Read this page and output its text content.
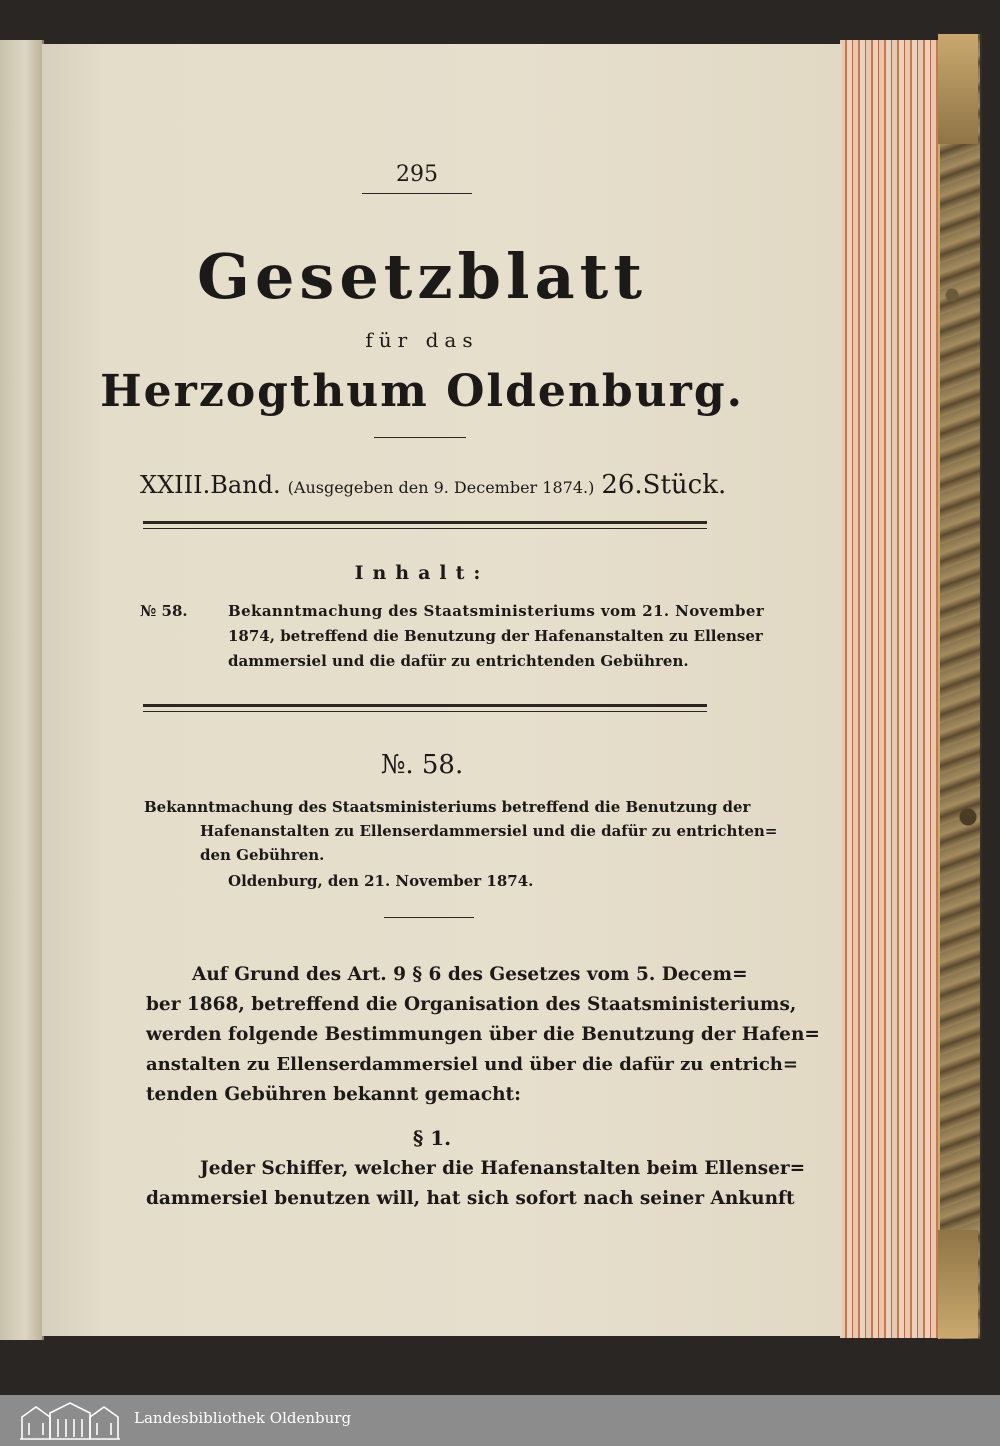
295
Gesetzblatt
für das
Herzogthum Oldenburg.
XXIII.Band. (Ausgegeben den 9. December 1874.) 26.Stück.
Inhalt:
№ 58.	Bekanntmachung des Staatsministeriums vom 21. November
1874, betreffend die Benutzung der Hafenanstalten zu Ellenser
dammersiel und die dafür zu entrichtenden Gebühren.
№. 58.
Bekanntmachung des Staatsministeriums betreffend die Benutzung der
Hafenanstalten zu Ellenserdammersiel und die dafür zu entrichten=
den Gebühren.
Oldenburg, den 21. November 1874.
Auf Grund des Art. 9 § 6 des Gesetzes vom 5. Decem=
ber 1868, betreffend die Organisation des Staatsministeriums,
werden folgende Bestimmungen über die Benutzung der Hafen=
anstalten zu Ellenserdammersiel und über die dafür zu entrich=
tenden Gebühren bekannt gemacht:
§ 1.
Jeder Schiffer, welcher die Hafenanstalten beim Ellenser=
dammersiel benutzen will, hat sich sofort nach seiner Ankunft
Landesbibliothek Oldenburg
